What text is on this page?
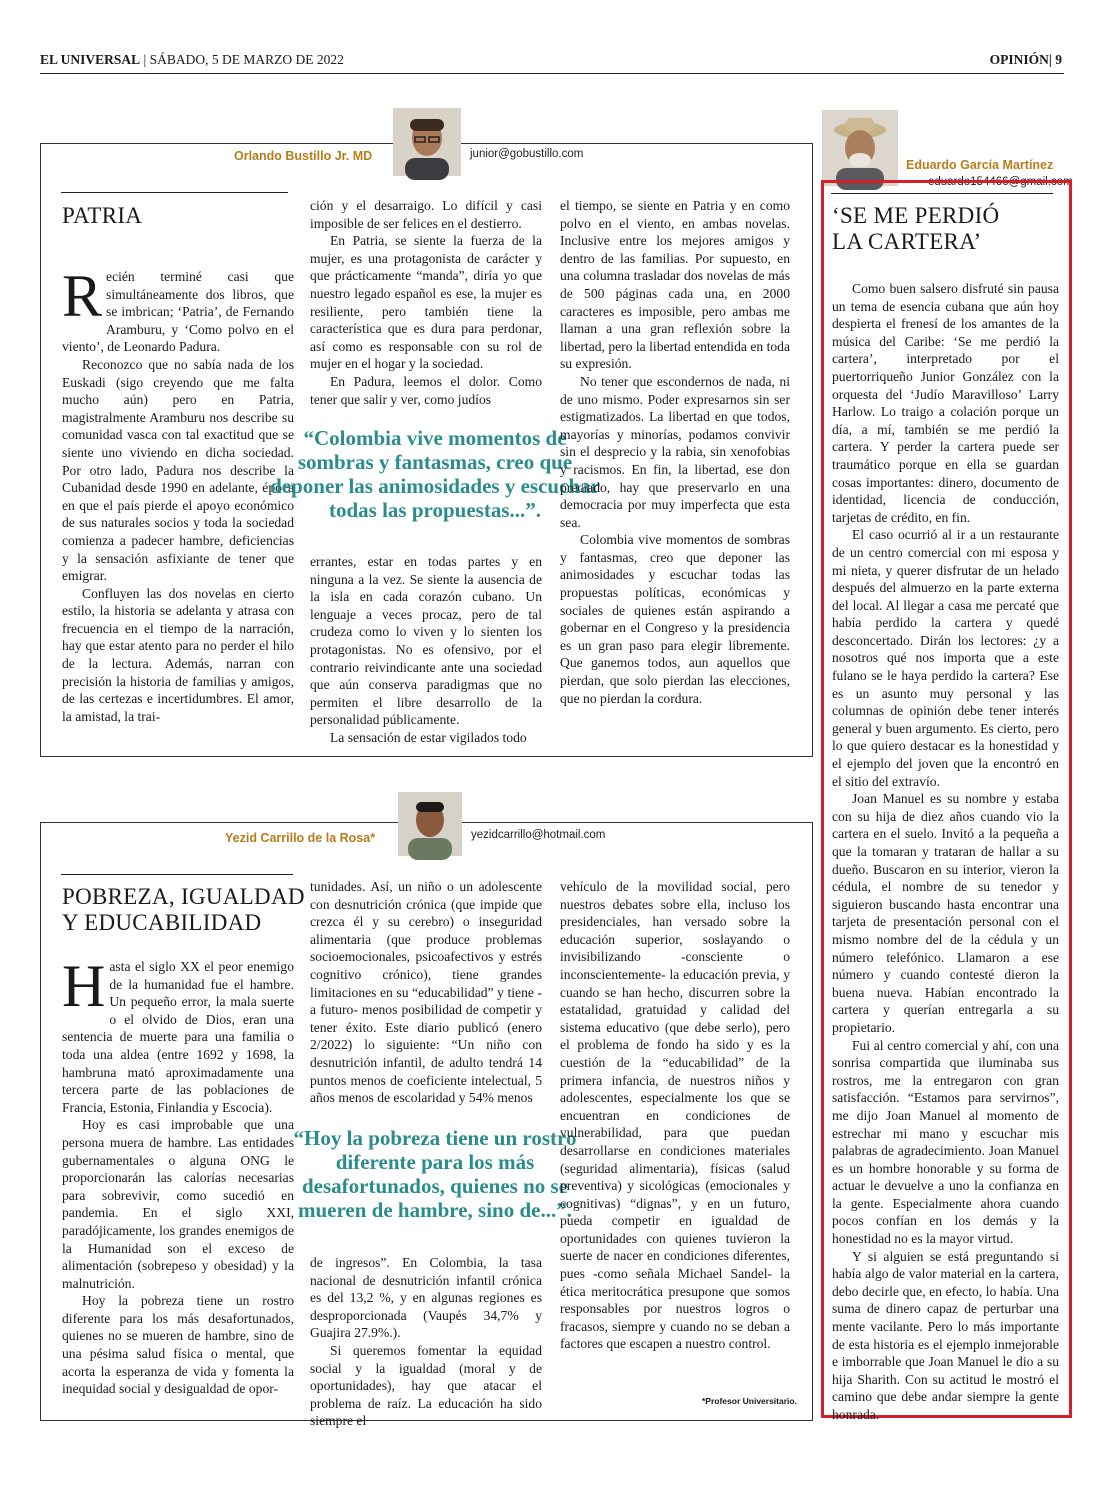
EL UNIVERSAL | SÁBADO, 5 DE MARZO DE 2022	OPINIÓN| 9
Orlando Bustillo Jr. MD	junior@gobustillo.com
PATRIA

Recién terminé casi que simultáneamente dos libros, que se imbrican; ‘Patria’, de Fernando Aramburu, y ‘Como polvo en el viento’, de Leonardo Padura.

Reconozco que no sabía nada de los Euskadi (sigo creyendo que me falta mucho aún) pero en Patria, magistralmente Aramburu nos describe su comunidad vasca con tal exactitud que se siente uno viviendo en dicha sociedad. Por otro lado, Padura nos describe la Cubanidad desde 1990 en adelante, época en que el país pierde el apoyo económico de sus naturales socios y toda la sociedad comienza a padecer hambre, deficiencias y la sensación asfixiante de tener que emigrar.

Confluyen las dos novelas en cierto estilo, la historia se adelanta y atrasa con frecuencia en el tiempo de la narración, hay que estar atento para no perder el hilo de la lectura. Además, narran con precisión la historia de familias y amigos, de las certezas e incertidumbres. El amor, la amistad, la trai-

ción y el desarraigo. Lo difícil y casi imposible de ser felices en el destierro.

En Patria, se siente la fuerza de la mujer, es una protagonista de carácter y que prácticamente “manda”, diría yo que nuestro legado español es ese, la mujer es resiliente, pero también tiene la característica que es dura para perdonar, así como es responsable con su rol de mujer en el hogar y la sociedad.

En Padura, leemos el dolor. Como tener que salir y ver, como judíos

“Colombia vive momentos de sombras y fantasmas, creo que deponer las animosidades y escuchar todas las propuestas...”.

errantes, estar en todas partes y en ninguna a la vez. Se siente la ausencia de la isla en cada corazón cubano. Un lenguaje a veces procaz, pero de tal crudeza como lo viven y lo sienten los protagonistas. No es ofensivo, por el contrario reivindicante ante una sociedad que aún conserva paradigmas que no permiten el libre desarrollo de la personalidad públicamente.

La sensación de estar vigilados todo

el tiempo, se siente en Patria y en como polvo en el viento, en ambas novelas. Inclusive entre los mejores amigos y dentro de las familias. Por supuesto, en una columna trasladar dos novelas de más de 500 páginas cada una, en 2000 caracteres es imposible, pero ambas me llaman a una gran reflexión sobre la libertad, pero la libertad entendida en toda su expresión.

No tener que escondernos de nada, ni de uno mismo. Poder expresarnos sin ser estigmatizados. La libertad en que todos, mayorías y minorías, podamos convivir sin el desprecio y la rabia, sin xenofobias y racismos. En fin, la libertad, ese don preciado, hay que preservarlo en una democracia por muy imperfecta que esta sea.

Colombia vive momentos de sombras y fantasmas, creo que deponer las animosidades y escuchar todas las propuestas políticas, económicas y sociales de quienes están aspirando a gobernar en el Congreso y la presidencia es un gran paso para elegir libremente. Que ganemos todos, aun aquellos que pierdan, que solo pierdan las elecciones, que no pierdan la cordura.

Yezid Carrillo de la Rosa*	yezidcarrillo@hotmail.com
POBREZA, IGUALDAD
Y EDUCABILIDAD

Hasta el siglo XX el peor enemigo de la humanidad fue el hambre. Un pequeño error, la mala suerte o el olvido de Dios, eran una sentencia de muerte para una familia o toda una aldea (entre 1692 y 1698, la hambruna mató aproximadamente una tercera parte de las poblaciones de Francia, Estonia, Finlandia y Escocia).

Hoy es casi improbable que una persona muera de hambre. Las entidades gubernamentales o alguna ONG le proporcionarán las calorías necesarias para sobrevivir, como sucedió en pandemia. En el siglo XXI, paradójicamente, los grandes enemigos de la Humanidad son el exceso de alimentación (sobrepeso y obesidad) y la malnutrición.

Hoy la pobreza tiene un rostro diferente para los más desafortunados, quienes no se mueren de hambre, sino de una pésima salud física o mental, que acorta la esperanza de vida y fomenta la inequidad social y desigualdad de opor-

tunidades. Así, un niño o un adolescente con desnutrición crónica (que impide que crezca él y su cerebro) o inseguridad alimentaria (que produce problemas socioemocionales, psicoafectivos y estrés cognitivo crónico), tiene grandes limitaciones en su “educabilidad” y tiene -a futuro- menos posibilidad de competir y tener éxito. Este diario publicó (enero 2/2022) lo siguiente: “Un niño con desnutrición infantil, de adulto tendrá 14 puntos menos de coeficiente intelectual, 5 años menos de escolaridad y 54% menos

“Hoy la pobreza tiene un rostro diferente para los más desafortunados, quienes no se mueren de hambre, sino de...”.

de ingresos”. En Colombia, la tasa nacional de desnutrición infantil crónica es del 13,2 %, y en algunas regiones es desproporcionada (Vaupés 34,7% y Guajira 27.9%.).

Si queremos fomentar la equidad social y la igualdad (moral y de oportunidades), hay que atacar el problema de raíz. La educación ha sido siempre el

vehículo de la movilidad social, pero nuestros debates sobre ella, incluso los presidenciales, han versado sobre la educación superior, soslayando o invisibilizando -consciente o inconscientemente- la educación previa, y cuando se han hecho, discurren sobre la estatalidad, gratuidad y calidad del sistema educativo (que debe serlo), pero el problema de fondo ha sido y es la cuestión de la “educabilidad” de la primera infancia, de nuestros niños y adolescentes, especialmente los que se encuentran en condiciones de vulnerabilidad, para que puedan desarrollarse en condiciones materiales (seguridad alimentaria), físicas (salud preventiva) y sicológicas (emocionales y cognitivas) “dignas”, y en un futuro, pueda competir en igualdad de oportunidades con quienes tuvieron la suerte de nacer en condiciones diferentes, pues -como señala Michael Sandel- la ética meritocrática presupone que somos responsables por nuestros logros o fracasos, siempre y cuando no se deban a factores que escapen a nuestro control.

*Profesor Universitario.
Eduardo García Martínez
eduardo154466@gmail.com
‘SE ME PERDIÓ
LA CARTERA’

Como buen salsero disfruté sin pausa un tema de esencia cubana que aún hoy despierta el frenesí de los amantes de la música del Caribe: ‘Se me perdió la cartera’, interpretado por el puertorriqueño Junior González con la orquesta del ‘Judío Maravilloso’ Larry Harlow. Lo traigo a colación porque un día, a mí, también se me perdió la cartera. Y perder la cartera puede ser traumático porque en ella se guardan cosas importantes: dinero, documento de identidad, licencia de conducción, tarjetas de crédito, en fin.

El caso ocurrió al ir a un restaurante de un centro comercial con mi esposa y mi nieta, y querer disfrutar de un helado después del almuerzo en la parte externa del local. Al llegar a casa me percaté que había perdido la cartera y quedé desconcertado. Dirán los lectores: ¿y a nosotros qué nos importa que a este fulano se le haya perdido la cartera? Ese es un asunto muy personal y las columnas de opinión debe tener interés general y buen argumento. Es cierto, pero lo que quiero destacar es la honestidad y el ejemplo del joven que la encontró en el sitio del extravío.

Joan Manuel es su nombre y estaba con su hija de diez años cuando vio la cartera en el suelo. Invitó a la pequeña a que la tomaran y trataran de hallar a su dueño. Buscaron en su interior, vieron la cédula, el nombre de su tenedor y siguieron buscando hasta encontrar una tarjeta de presentación personal con el mismo nombre del de la cédula y un número telefónico. Llamaron a ese número y cuando contesté dieron la buena nueva. Habían encontrado la cartera y querían entregarla a su propietario.

Fui al centro comercial y ahí, con una sonrisa compartida que iluminaba sus rostros, me la entregaron con gran satisfacción. “Estamos para servirnos”, me dijo Joan Manuel al momento de estrechar mi mano y escuchar mis palabras de agradecimiento. Joan Manuel es un hombre honorable y su forma de actuar le devuelve a uno la confianza en la gente. Especialmente ahora cuando pocos confían en los demás y la honestidad no es la mayor virtud.

Y si alguien se está preguntando si había algo de valor material en la cartera, debo decirle que, en efecto, lo había. Una suma de dinero capaz de perturbar una mente vacilante. Pero lo más importante de esta historia es el ejemplo inmejorable e imborrable que Joan Manuel le dio a su hija Sharith. Con su actitud le mostró el camino que debe andar siempre la gente honrada.
